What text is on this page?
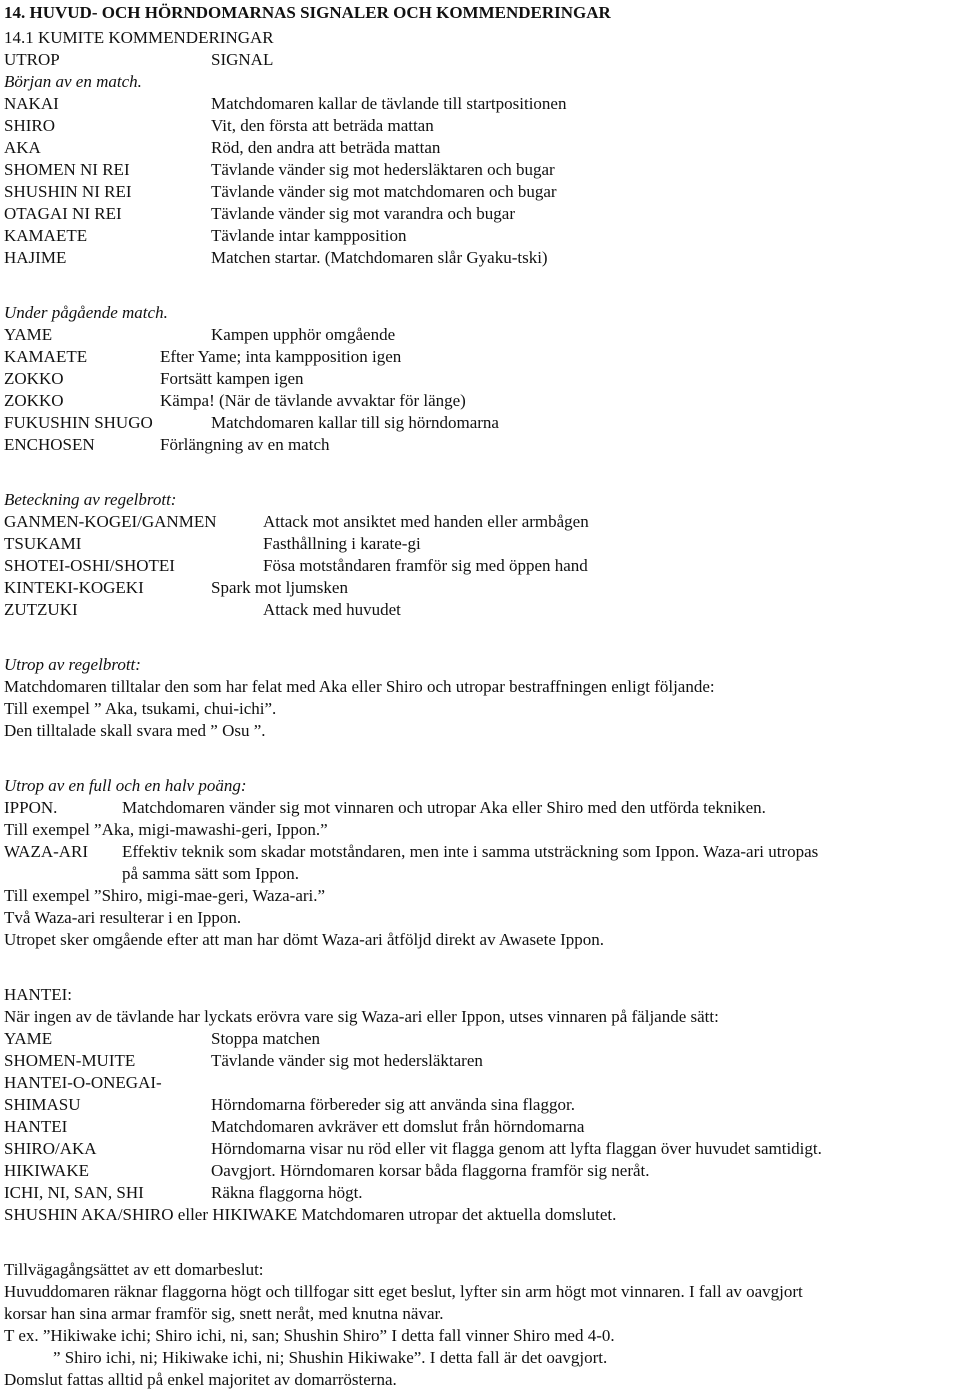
14. HUVUD- OCH HÖRNDOMARNAS SIGNALER OCH KOMMENDERINGAR
14.1 KUMITE KOMMENDERINGAR
UTROP	SIGNAL
Början av en match.
NAKAI	Matchdomaren kallar de tävlande till startpositionen
SHIRO	Vit, den första att beträda mattan
AKA	Röd, den andra att beträda mattan
SHOMEN NI REI	Tävlande vänder sig mot hedersläktaren och bugar
SHUSHIN NI REI	Tävlande vänder sig mot matchdomaren och bugar
OTAGAI NI REI	Tävlande vänder sig mot varandra och bugar
KAMAETE	Tävlande intar kampposition
HAJIME	Matchen startar. (Matchdomaren slår Gyaku-tski)
Under pågående match.
YAME	Kampen upphör omgående
KAMAETE	Efter Yame; inta kampposition igen
ZOKKO	Fortsätt kampen igen
ZOKKO	Kämpa! (När de tävlande avvaktar för länge)
FUKUSHIN SHUGO	Matchdomaren kallar till sig hörndomarna
ENCHOSEN	Förlängning av en match
Beteckning av regelbrott:
GANMEN-KOGEI/GANMEN	Attack mot ansiktet med handen eller armbågen
TSUKAMI	Fasthållning i karate-gi
SHOTEI-OSHI/SHOTEI	Fösa motståndaren framför sig med öppen hand
KINTEKI-KOGEKI	Spark mot ljumsken
ZUTZUKI	Attack med huvudet
Utrop av regelbrott:
Matchdomaren tilltalar den som har felat med Aka eller Shiro och utropar bestraffningen enligt följande:
Till exempel ” Aka, tsukami, chui-ichi”.
Den tilltalade skall svara med ” Osu ”.
Utrop av en full och en halv poäng:
IPPON.	Matchdomaren vänder sig mot vinnaren och utropar Aka eller Shiro med den utförda tekniken.
Till exempel ”Aka, migi-mawashi-geri, Ippon.”
WAZA-ARI Effektiv teknik som skadar motståndaren, men inte i samma utsträckning som Ippon. Waza-ari utropas
på samma sätt som Ippon.
Till exempel ”Shiro, migi-mae-geri, Waza-ari.”
Två Waza-ari resulterar i en Ippon.
Utropet sker omgående efter att man har dömt Waza-ari åtföljd direkt av Awasete Ippon.
HANTEI:
När ingen av de tävlande har lyckats erövra vare sig Waza-ari eller Ippon, utses vinnaren på fäljande sätt:
YAME	Stoppa matchen
SHOMEN-MUITE	Tävlande vänder sig mot hedersläktaren
HANTEI-O-ONEGAI-
SHIMASU	Hörndomarna förbereder sig att använda sina flaggor.
HANTEI	Matchdomaren avkräver ett domslut från hörndomarna
SHIRO/AKA	Hörndomarna visar nu röd eller vit flagga genom att lyfta flaggan över huvudet samtidigt.
HIKIWAKE	Oavgjort. Hörndomaren korsar båda flaggorna framför sig neråt.
ICHI, NI, SAN, SHI	Räkna flaggorna högt.
SHUSHIN AKA/SHIRO eller HIKIWAKE Matchdomaren utropar det aktuella domslutet.
Tillvägagångsättet av ett domarbeslut:
Huvuddomaren räknar flaggorna högt och tillfogar sitt eget beslut, lyfter sin arm högt mot vinnaren. I fall av oavgjort
korsar han sina armar framför sig, snett neråt, med knutna nävar.
T ex. ”Hikiwake ichi; Shiro ichi, ni, san; Shushin Shiro” I detta fall vinner Shiro med 4-0.
” Shiro ichi, ni; Hikiwake ichi, ni; Shushin Hikiwake”. I detta fall är det oavgjort.
Domslut fattas alltid på enkel majoritet av domarrösterna.
